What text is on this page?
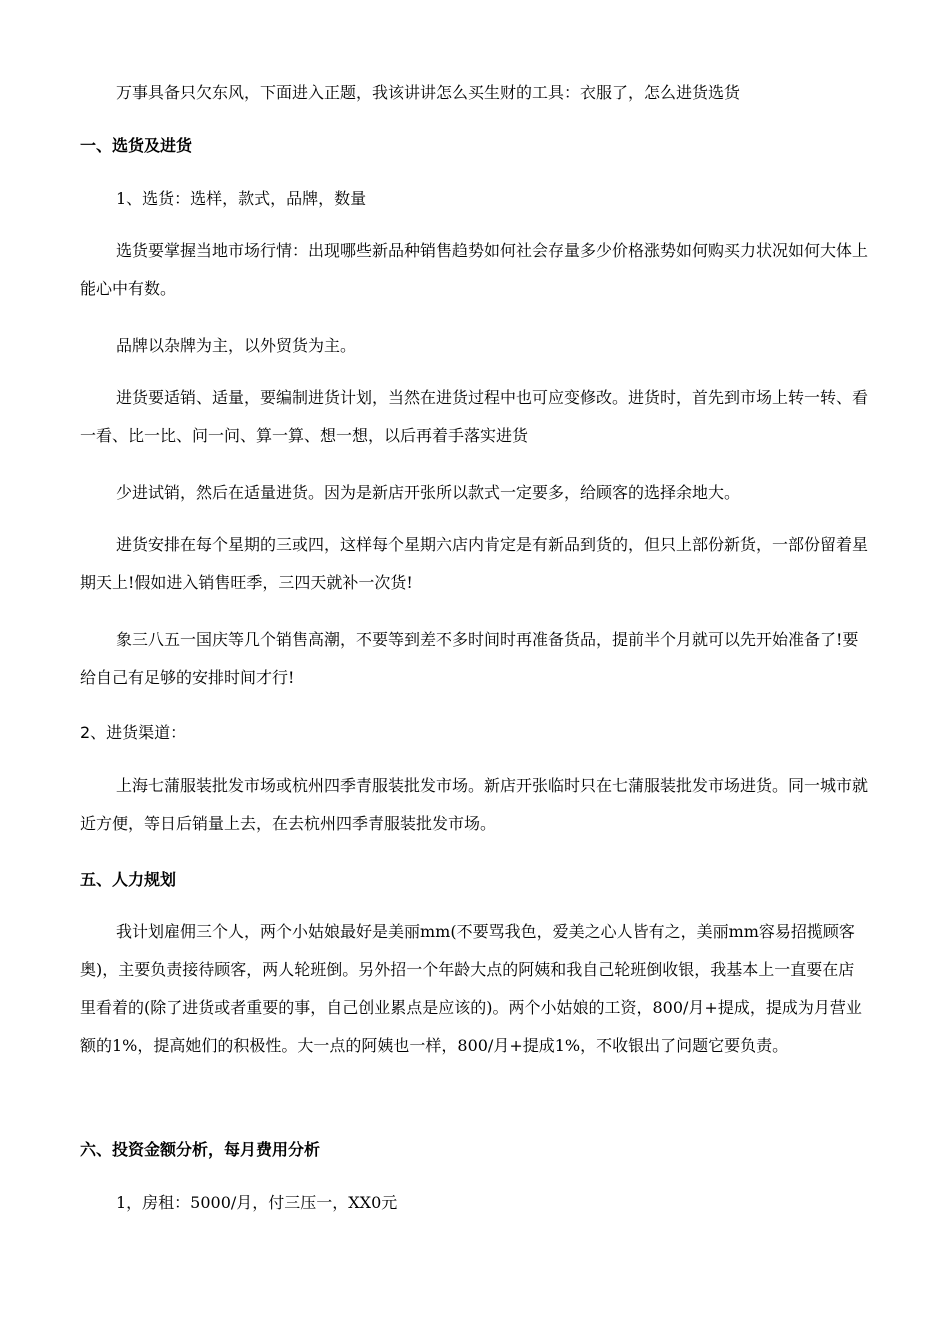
万事具备只欠东风，下面进入正题，我该讲讲怎么买生财的工具：衣服了，怎么进货选货

一、选货及进货

1、选货：选样，款式，品牌，数量

选货要掌握当地市场行情：出现哪些新品种销售趋势如何社会存量多少价格涨势如何购买力状况如何大体上能心中有数。

品牌以杂牌为主，以外贸货为主。

进货要适销、适量，要编制进货计划，当然在进货过程中也可应变修改。进货时，首先到市场上转一转、看一看、比一比、问一问、算一算、想一想，以后再着手落实进货

少进试销，然后在适量进货。因为是新店开张所以款式一定要多，给顾客的选择余地大。

进货安排在每个星期的三或四，这样每个星期六店内肯定是有新品到货的，但只上部份新货，一部份留着星期天上!假如进入销售旺季，三四天就补一次货!

象三八五一国庆等几个销售高潮，不要等到差不多时间时再准备货品，提前半个月就可以先开始准备了!要给自己有足够的安排时间才行!

2、进货渠道：

上海七蒲服装批发市场或杭州四季青服装批发市场。新店开张临时只在七蒲服装批发市场进货。同一城市就近方便，等日后销量上去，在去杭州四季青服装批发市场。

五、人力规划

我计划雇佣三个人，两个小姑娘最好是美丽mm(不要骂我色，爱美之心人皆有之，美丽mm容易招揽顾客奥)，主要负责接待顾客，两人轮班倒。另外招一个年龄大点的阿姨和我自己轮班倒收银，我基本上一直要在店里看着的(除了进货或者重要的事，自己创业累点是应该的)。两个小姑娘的工资，800/月+提成，提成为月营业额的1%，提高她们的积极性。大一点的阿姨也一样，800/月+提成1%，不收银出了问题它要负责。

六、投资金额分析，每月费用分析

1，房租：5000/月，付三压一，XX0元
